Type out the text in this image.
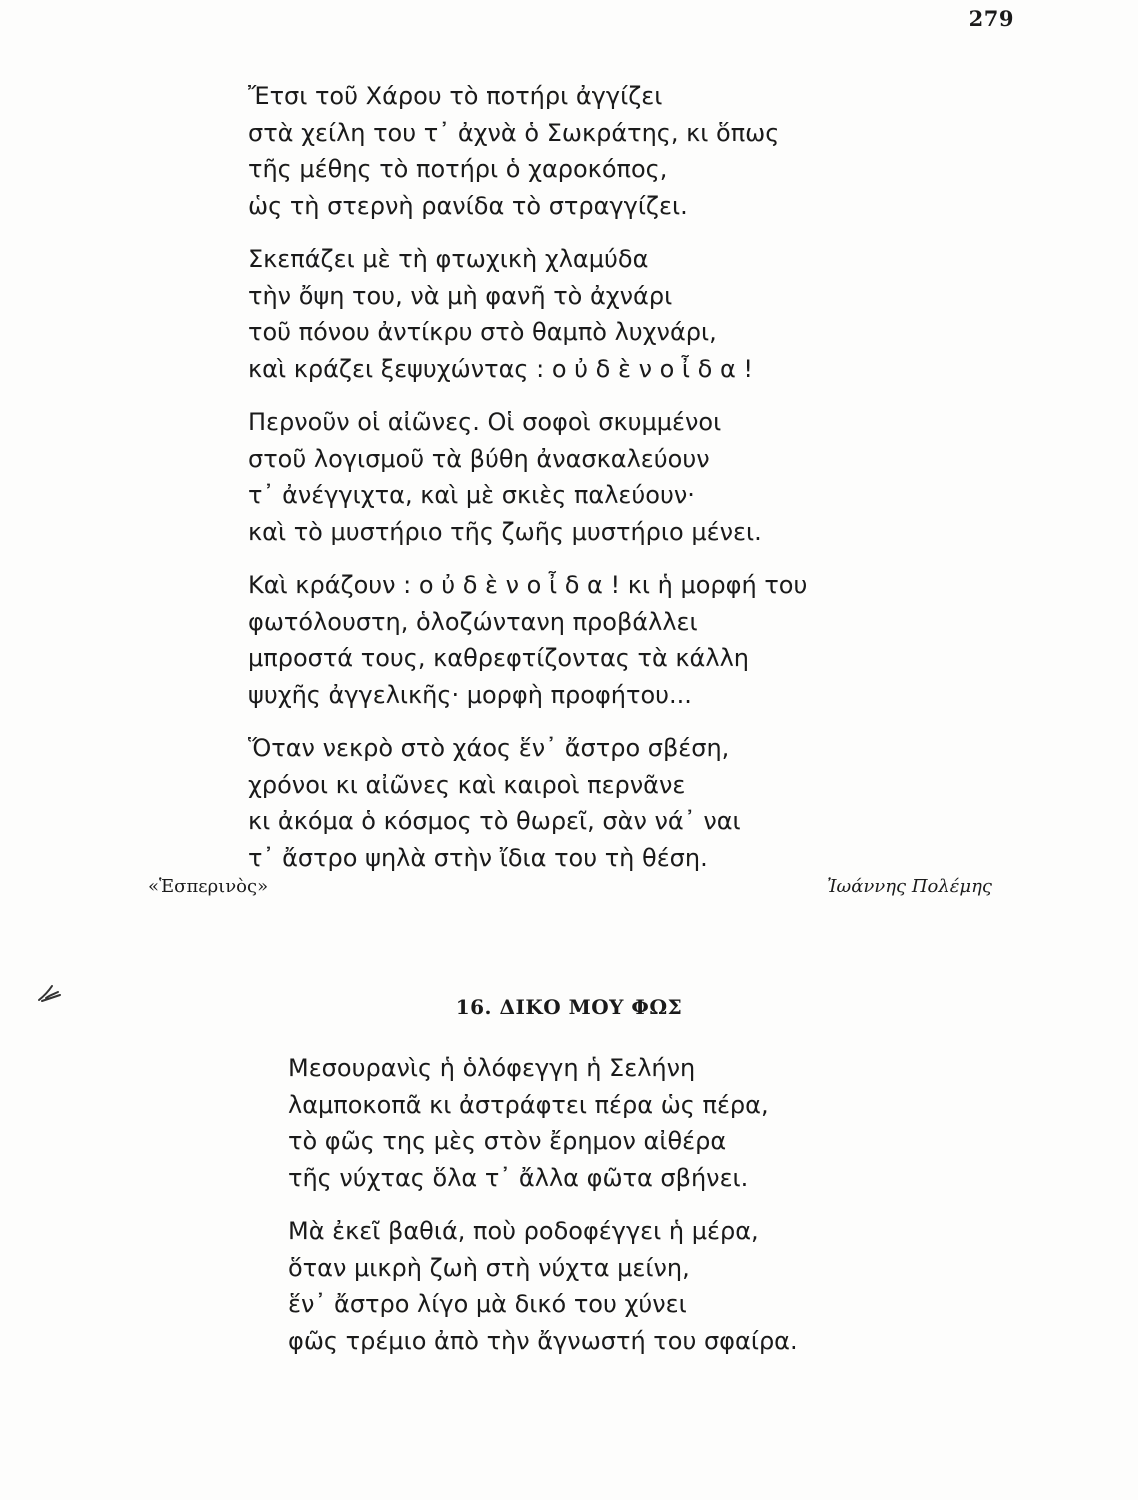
279
Ἔτσι τοῦ Χάρου τὸ ποτήρι ἀγγίζει
στὰ χείλη του τ᾽ ἀχνὰ ὁ Σωκράτης, κι ὅπως
τῆς μέθης τὸ ποτήρι ὁ χαροκόπος,
ὡς τὴ στερνὴ ρανίδα τὸ στραγγίζει.
Σκεπάζει μὲ τὴ φτωχικὴ χλαμύδα
τὴν ὄψη του, νὰ μὴ φανῆ τὸ ἀχνάρι
τοῦ πόνου ἀντίκρυ στὸ θαμπὸ λυχνάρι,
καὶ κράζει ξεψυχώντας : ο ὐ δ ὲ ν ο ἶ δ α !
Περνοῦν οἱ αἰῶνες. Οἱ σοφοὶ σκυμμένοι
στοῦ λογισμοῦ τὰ βύθη ἀνασκαλεύουν
τ᾽ ἀνέγγιχτα, καὶ μὲ σκιὲς παλεύουν·
καὶ τὸ μυστήριο τῆς ζωῆς μυστήριο μένει.
Καὶ κράζουν : ο ὐ δ ὲ ν ο ἶ δ α ! κι ἡ μορφή του
φωτόλουστη, ὁλοζώντανη προβάλλει
μπροστά τους, καθρεφτίζοντας τὰ κάλλη
ψυχῆς ἀγγελικῆς· μορφὴ προφήτου...
Ὅταν νεκρὸ στὸ χάος ἕν᾽ ἄστρο σβέση,
χρόνοι κι αἰῶνες καὶ καιροὶ περνᾶνε
κι ἀκόμα ὁ κόσμος τὸ θωρεῖ, σὰν νά᾽ ναι
τ᾽ ἄστρο ψηλὰ στὴν ἴδια του τὴ θέση.
«Ἑσπερινὸς»	Ἰωάννης Πολέμης
16. ΔΙΚΟ ΜΟΥ ΦΩΣ
Μεσουρανὶς ἡ ὁλόφεγγη ἡ Σελήνη
λαμποκοπᾶ κι ἀστράφτει πέρα ὡς πέρα,
τὸ φῶς της μὲς στὸν ἔρημον αἰθέρα
τῆς νύχτας ὅλα τ᾽ ἄλλα φῶτα σβήνει.
Μὰ ἐκεῖ βαθιά, ποὺ ροδοφέγγει ἡ μέρα,
ὅταν μικρὴ ζωὴ στὴ νύχτα μείνη,
ἕν᾽ ἄστρο λίγο μὰ δικό του χύνει
φῶς τρέμιο ἀπὸ τὴν ἄγνωστή του σφαίρα.
